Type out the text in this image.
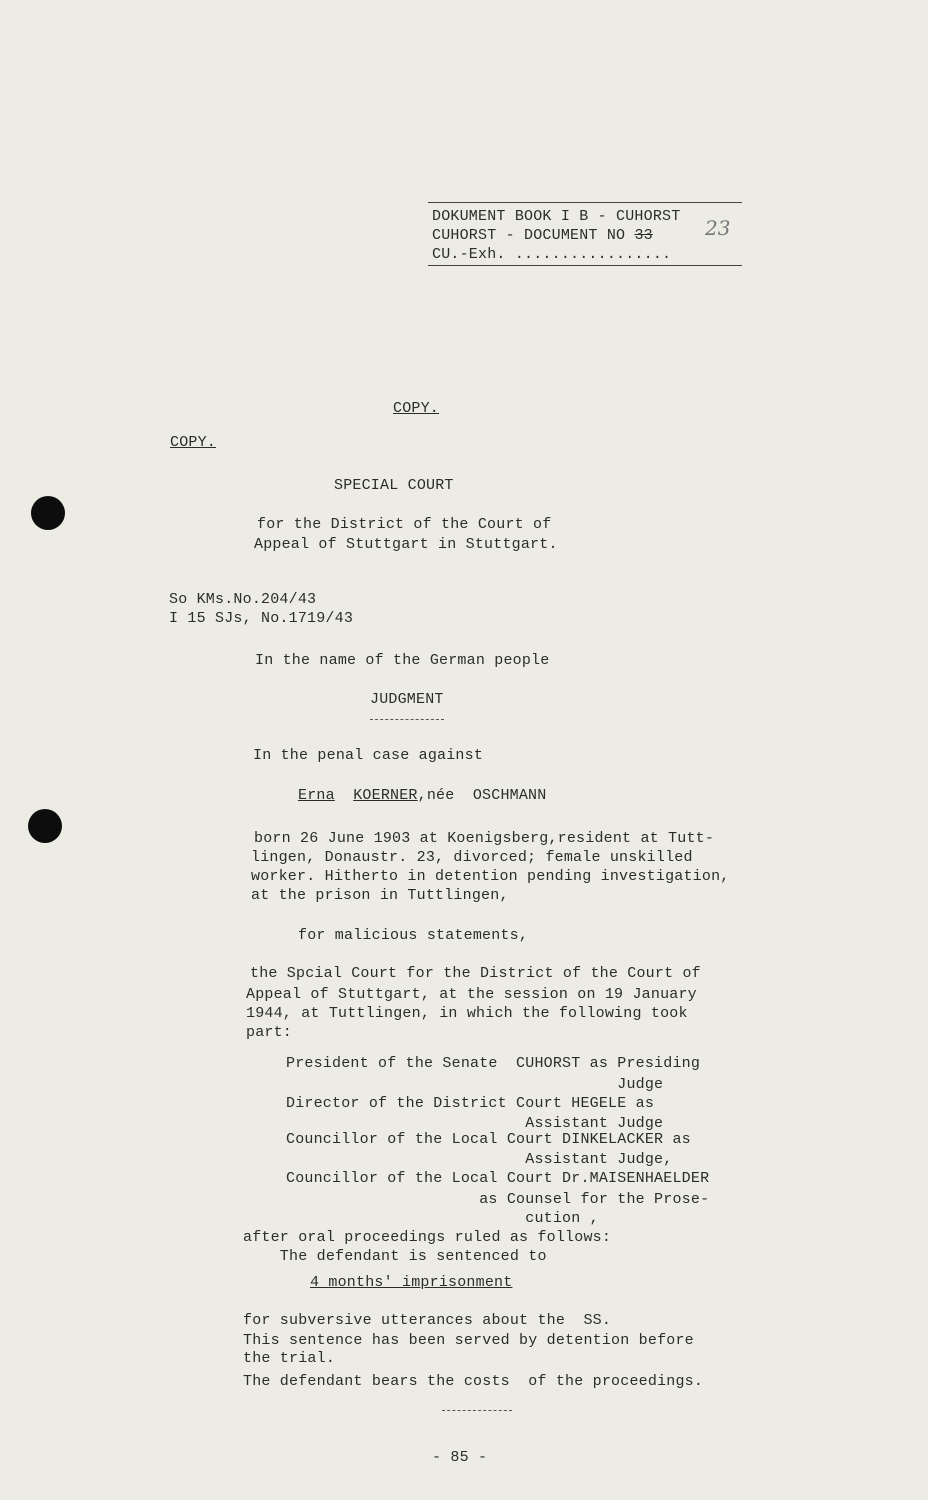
DOKUMENT BOOK I B - CUHORST
CUHORST - DOCUMENT NO 33	23
CU.-Exh. .................
COPY.
COPY.
SPECIAL COURT
for the District of the Court of
Appeal of Stuttgart in Stuttgart.
So KMs.No.204/43
I 15 SJs, No.1719/43
In the name of the German people
JUDGMENT
In the penal case against
Erna KOERNER,née  OSCHMANN
born 26 June 1903 at Koenigsberg,resident at Tutt-
lingen, Donaustr. 23, divorced; female unskilled
worker. Hitherto in detention pending investigation,
at the prison in Tuttlingen,
for malicious statements,
the Spcial Court for the District of the Court of
Appeal of Stuttgart, at the session on 19 January
1944, at Tuttlingen, in which the following took
part:
President of the Senate  CUHORST as Presiding
Judge
Director of the District Court HEGELE as
Assistant Judge
Councillor of the Local Court DINKELACKER as
Assistant Judge,
Councillor of the Local Court Dr.MAISENHAELDER
as Counsel for the Prose-
cution ,
after oral proceedings ruled as follows:
The defendant is sentenced to
4 months' imprisonment
for subversive utterances about the  SS.
This sentence has been served by detention before
the trial.
The defendant bears the costs  of the proceedings.
- 85 -
